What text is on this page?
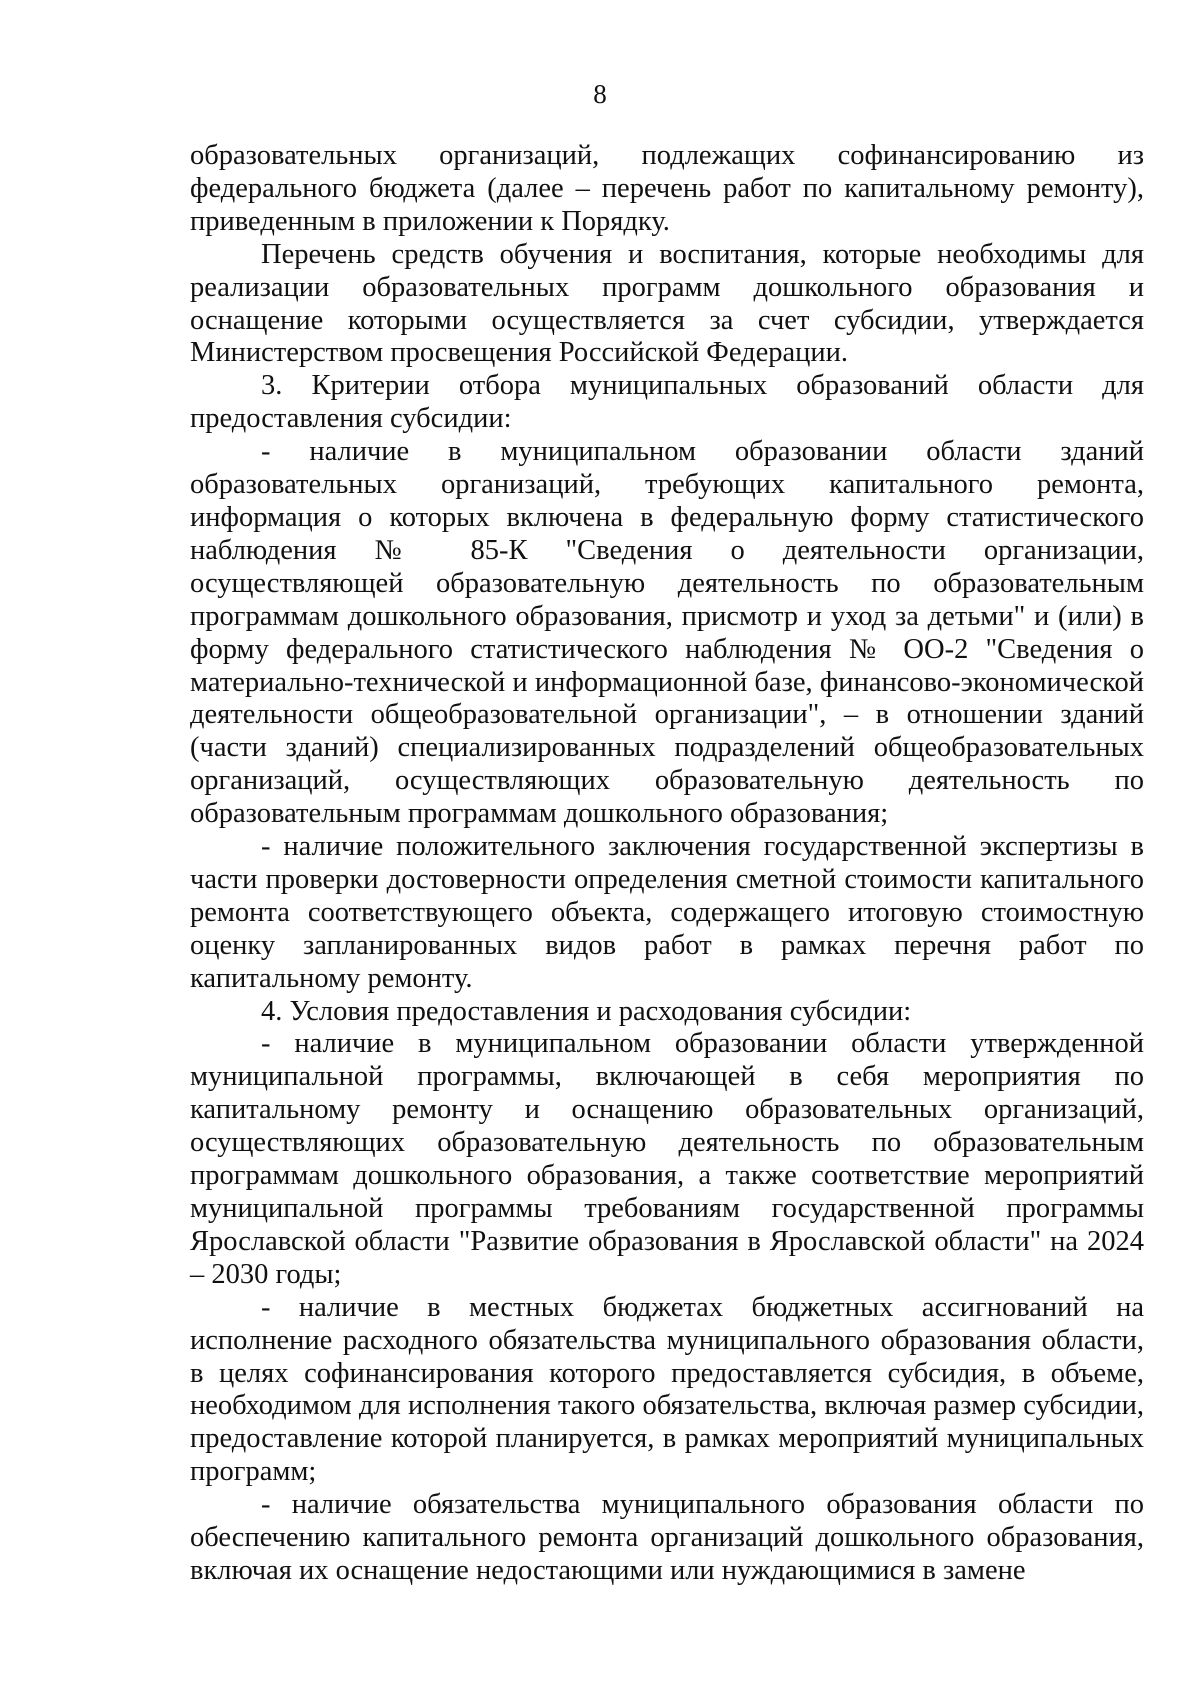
8

образовательных организаций, подлежащих софинансированию из федерального бюджета (далее – перечень работ по капитальному ремонту), приведенным в приложении к Порядку.

Перечень средств обучения и воспитания, которые необходимы для реализации образовательных программ дошкольного образования и оснащение которыми осуществляется за счет субсидии, утверждается Министерством просвещения Российской Федерации.

3. Критерии отбора муниципальных образований области для предоставления субсидии:

- наличие в муниципальном образовании области зданий образовательных организаций, требующих капитального ремонта, информация о которых включена в федеральную форму статистического наблюдения № 85-К "Сведения о деятельности организации, осуществляющей образовательную деятельность по образовательным программам дошкольного образования, присмотр и уход за детьми" и (или) в форму федерального статистического наблюдения № ОО-2 "Сведения о материально-технической и информационной базе, финансово-экономической деятельности общеобразовательной организации", – в отношении зданий (части зданий) специализированных подразделений общеобразовательных организаций, осуществляющих образовательную деятельность по образовательным программам дошкольного образования;

- наличие положительного заключения государственной экспертизы в части проверки достоверности определения сметной стоимости капитального ремонта соответствующего объекта, содержащего итоговую стоимостную оценку запланированных видов работ в рамках перечня работ по капитальному ремонту.

4. Условия предоставления и расходования субсидии:

- наличие в муниципальном образовании области утвержденной муниципальной программы, включающей в себя мероприятия по капитальному ремонту и оснащению образовательных организаций, осуществляющих образовательную деятельность по образовательным программам дошкольного образования, а также соответствие мероприятий муниципальной программы требованиям государственной программы Ярославской области "Развитие образования в Ярославской области" на 2024 – 2030 годы;

- наличие в местных бюджетах бюджетных ассигнований на исполнение расходного обязательства муниципального образования области, в целях софинансирования которого предоставляется субсидия, в объеме, необходимом для исполнения такого обязательства, включая размер субсидии, предоставление которой планируется, в рамках мероприятий муниципальных программ;

- наличие обязательства муниципального образования области по обеспечению капитального ремонта организаций дошкольного образования, включая их оснащение недостающими или нуждающимися в замене
